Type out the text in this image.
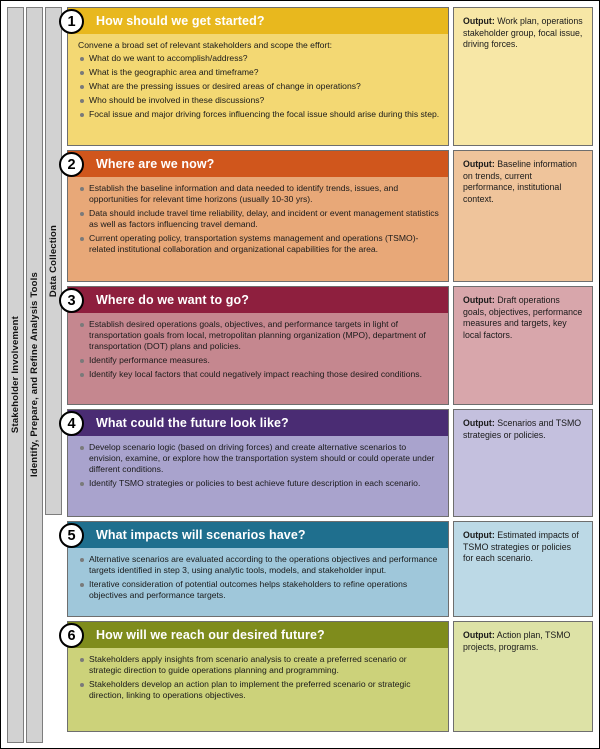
Stakeholder Involvement Identify, Prepare, and Refine Analysis Tools
Data Collection
1	How should we get started?

Convene a broad set of relevant stakeholders and scope the effort:

What do we want to accomplish/address?
What is the geographic area and timeframe?
What are the pressing issues or desired areas of change in operations?
Who should be involved in these discussions?
Focal issue and major driving forces influencing the focal issue should arise during this step.
Output: Work plan, operations stakeholder group, focal issue, driving forces.
2	Where are we now?
Establish the baseline information and data needed to identify trends, issues, and opportunities for relevant time horizons (usually 10-30 yrs).
Data should include travel time reliability, delay, and incident or event management statistics as well as factors influencing travel demand.
Current operating policy, transportation systems management and operations (TSMO)-related institutional collaboration and organizational capabilities for the area.
Output: Baseline information on trends, current performance, institutional context.
3	Where do we want to go?
Establish desired operations goals, objectives, and performance targets in light of transportation goals from local, metropolitan planning organization (MPO), department of transportation (DOT) plans and policies.
Identify performance measures.
Identify key local factors that could negatively impact reaching those desired conditions.
Output: Draft operations goals, objectives, performance measures and targets, key local factors.
4	What could the future look like?
Develop scenario logic (based on driving forces) and create alternative scenarios to envision, examine, or explore how the transportation system should or could operate under different conditions.
Identify TSMO strategies or policies to best achieve future description in each scenario.
Output: Scenarios and TSMO strategies or policies.
5	What impacts will scenarios have?
Alternative scenarios are evaluated according to the operations objectives and performance targets identified in step 3, using analytic tools, models, and stakeholder input.
Iterative consideration of potential outcomes helps stakeholders to refine operations objectives and performance targets.
Output: Estimated impacts of TSMO strategies or policies for each scenario.
6	How will we reach our desired future?
Stakeholders apply insights from scenario analysis to create a preferred scenario or strategic direction to guide operations planning and programming.
Stakeholders develop an action plan to implement the preferred scenario or strategic direction, linking to operations objectives.
Output: Action plan, TSMO projects, programs.
